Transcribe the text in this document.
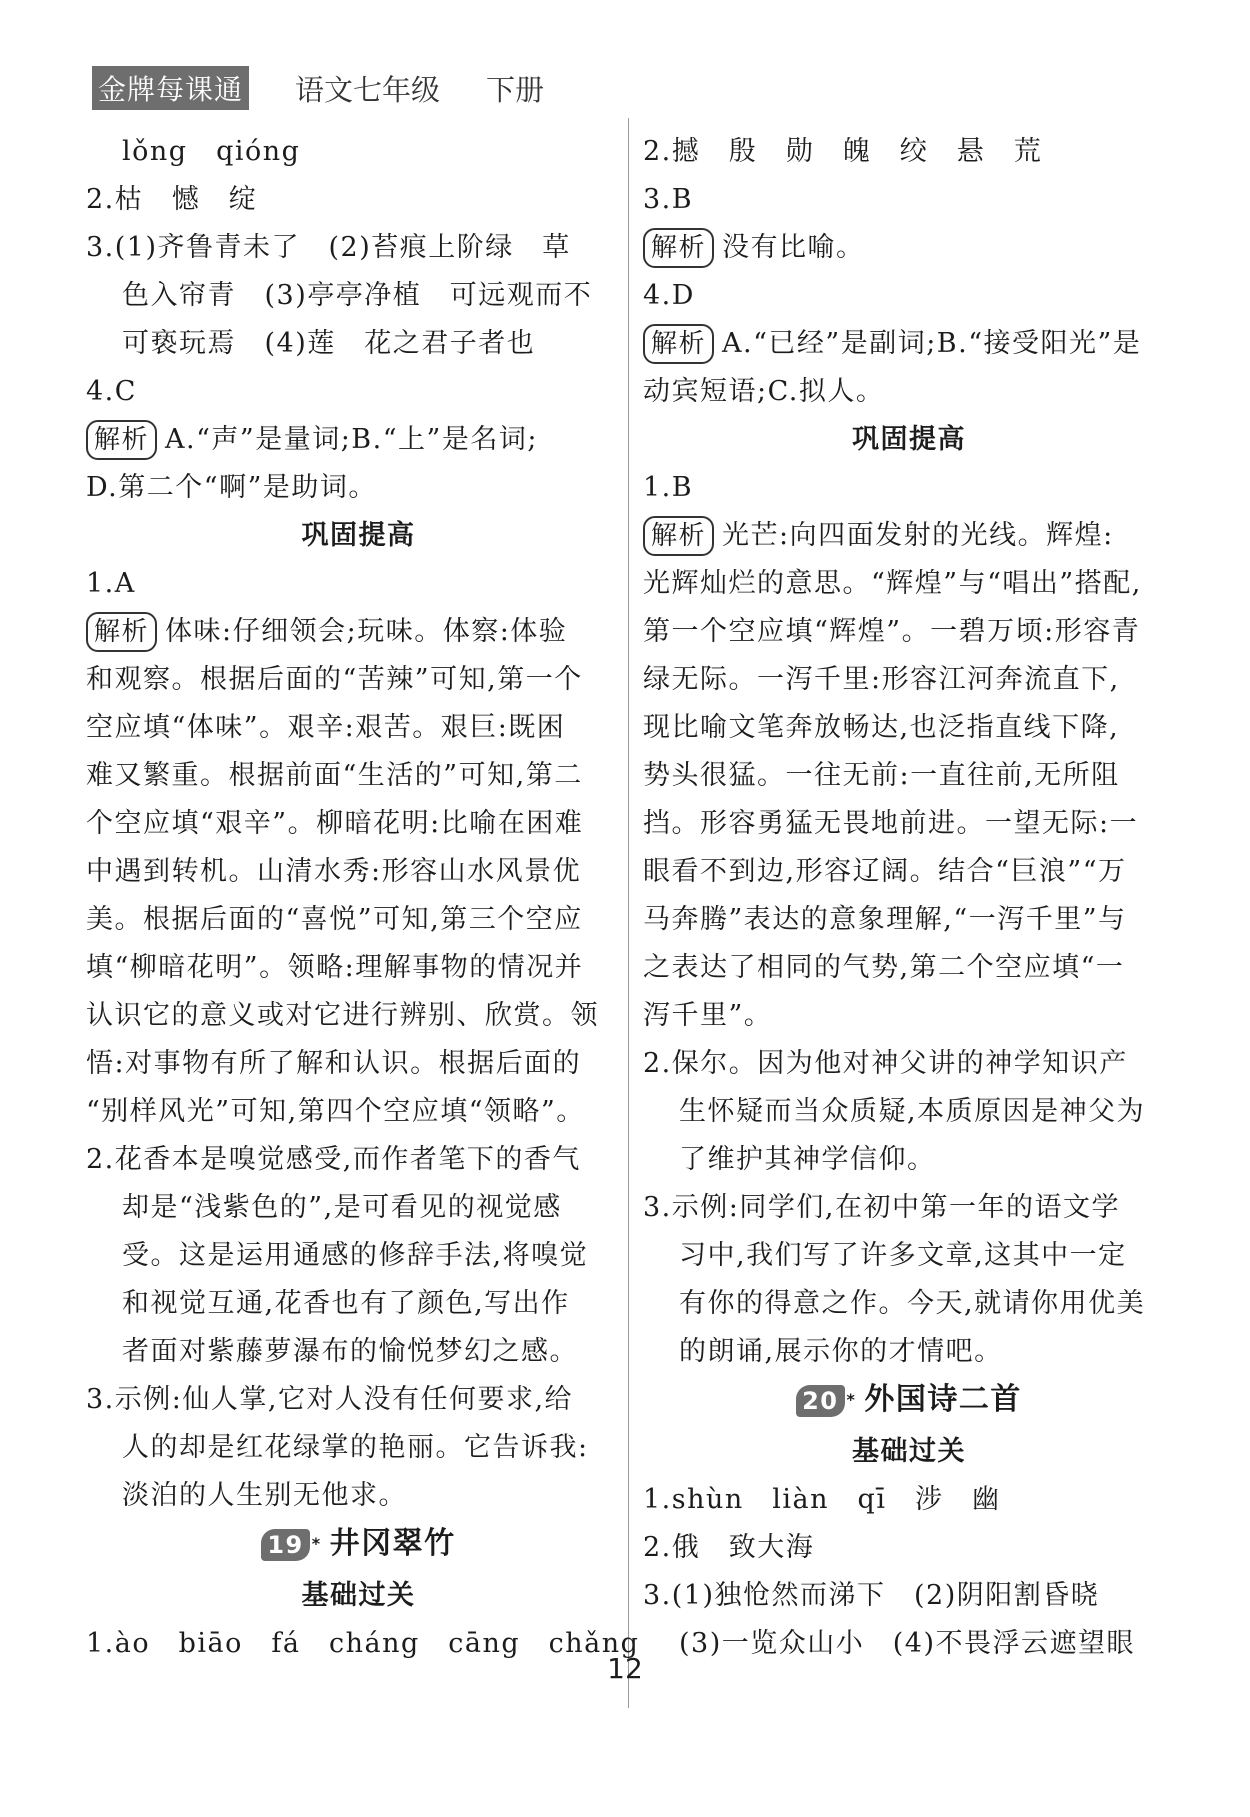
金牌每课通 语文七年级 下册
lǒng　qióng
2.枯　憾　绽
3.(1)齐鲁青未了　(2)苔痕上阶绿　草
色入帘青　(3)亭亭净植　可远观而不
可亵玩焉　(4)莲　花之君子者也
4.C
解析 A.“声”是量词;B.“上”是名词;
D.第二个“啊”是助词。
巩固提高
1.A
解析 体味:仔细领会;玩味。体察:体验
和观察。根据后面的“苦辣”可知,第一个
空应填“体味”。艰辛:艰苦。艰巨:既困
难又繁重。根据前面“生活的”可知,第二
个空应填“艰辛”。柳暗花明:比喻在困难
中遇到转机。山清水秀:形容山水风景优
美。根据后面的“喜悦”可知,第三个空应
填“柳暗花明”。领略:理解事物的情况并
认识它的意义或对它进行辨别、欣赏。领
悟:对事物有所了解和认识。根据后面的
“别样风光”可知,第四个空应填“领略”。
2.花香本是嗅觉感受,而作者笔下的香气
却是“浅紫色的”,是可看见的视觉感
受。这是运用通感的修辞手法,将嗅觉
和视觉互通,花香也有了颜色,写出作
者面对紫藤萝瀑布的愉悦梦幻之感。
3.示例:仙人掌,它对人没有任何要求,给
人的却是红花绿掌的艳丽。它告诉我:
淡泊的人生别无他求。
19 * 井冈翠竹
基础过关
1.ào　biāo　fá　cháng　cāng　chǎng
2.撼　殷　勋　魄　绞　悬　荒
3.B
解析 没有比喻。
4.D
解析 A.“已经”是副词;B.“接受阳光”是
动宾短语;C.拟人。
巩固提高
1.B
解析 光芒:向四面发射的光线。辉煌:
光辉灿烂的意思。“辉煌”与“唱出”搭配,
第一个空应填“辉煌”。一碧万顷:形容青
绿无际。一泻千里:形容江河奔流直下,
现比喻文笔奔放畅达,也泛指直线下降,
势头很猛。一往无前:一直往前,无所阻
挡。形容勇猛无畏地前进。一望无际:一
眼看不到边,形容辽阔。结合“巨浪”“万
马奔腾”表达的意象理解,“一泻千里”与
之表达了相同的气势,第二个空应填“一
泻千里”。
2.保尔。因为他对神父讲的神学知识产
生怀疑而当众质疑,本质原因是神父为
了维护其神学信仰。
3.示例:同学们,在初中第一年的语文学
习中,我们写了许多文章,这其中一定
有你的得意之作。今天,就请你用优美
的朗诵,展示你的才情吧。
20 * 外国诗二首
基础过关
1.shùn　liàn　qī　涉　幽
2.俄　致大海
3.(1)独怆然而涕下　(2)阴阳割昏晓
(3)一览众山小　(4)不畏浮云遮望眼
12
